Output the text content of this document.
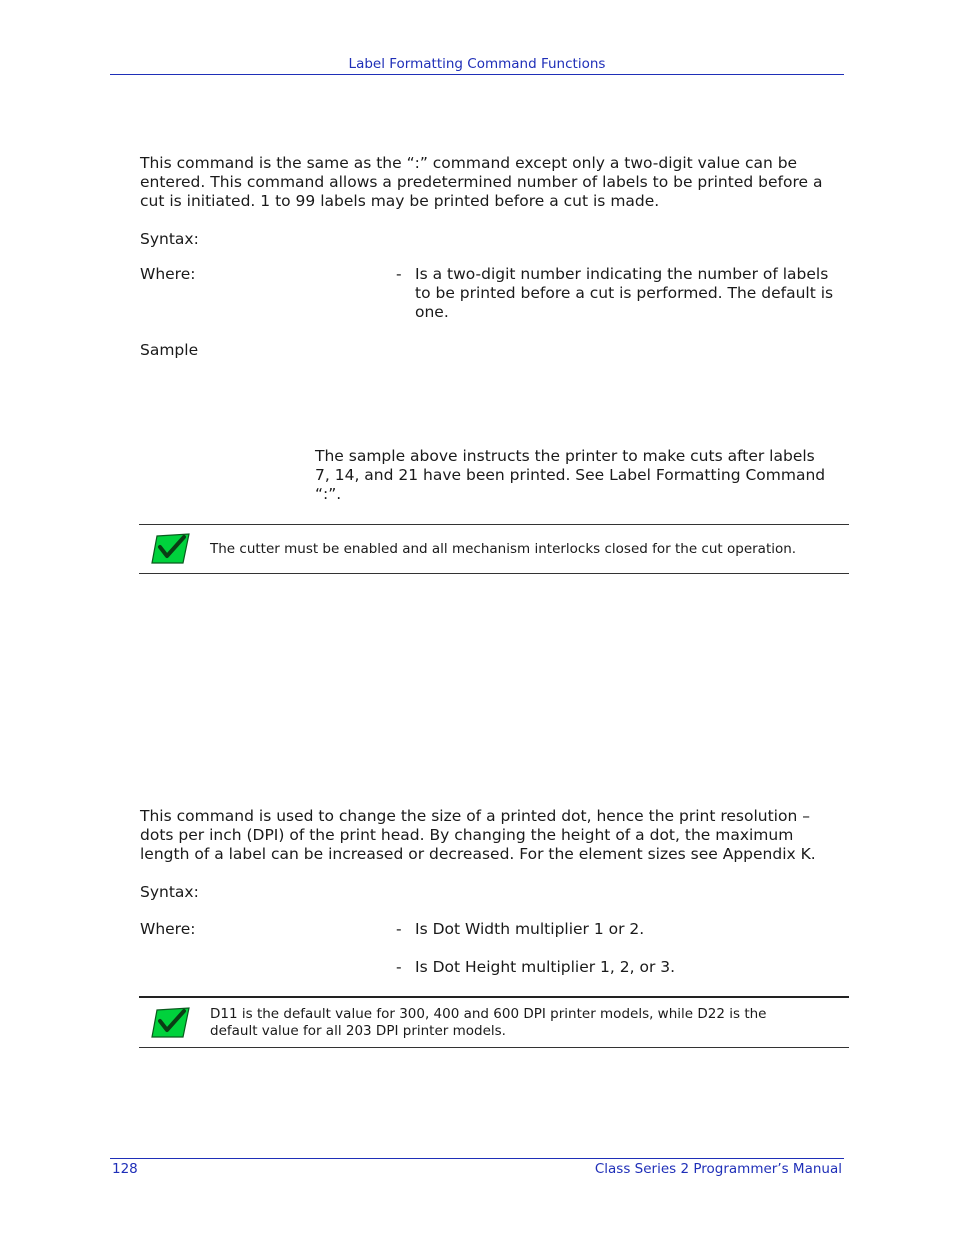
Label Formatting Command Functions
This command is the same as the “:” command except only a two-digit value can be
entered. This command allows a predetermined number of labels to be printed before a
cut is initiated. 1 to 99 labels may be printed before a cut is made.
Syntax:
Where:	- Is a two-digit number indicating the number of labels
to be printed before a cut is performed. The default is
one.
Sample
The sample above instructs the printer to make cuts after labels
7, 14, and 21 have been printed. See Label Formatting Command
“:”.
The cutter must be enabled and all mechanism interlocks closed for the cut operation.
This command is used to change the size of a printed dot, hence the print resolution –
dots per inch (DPI) of the print head. By changing the height of a dot, the maximum
length of a label can be increased or decreased. For the element sizes see Appendix K.
Syntax:
Where:	- Is Dot Width multiplier 1 or 2.
- Is Dot Height multiplier 1, 2, or 3.
D11 is the default value for 300, 400 and 600 DPI printer models, while D22 is the
default value for all 203 DPI printer models.
128	Class Series 2 Programmer’s Manual
